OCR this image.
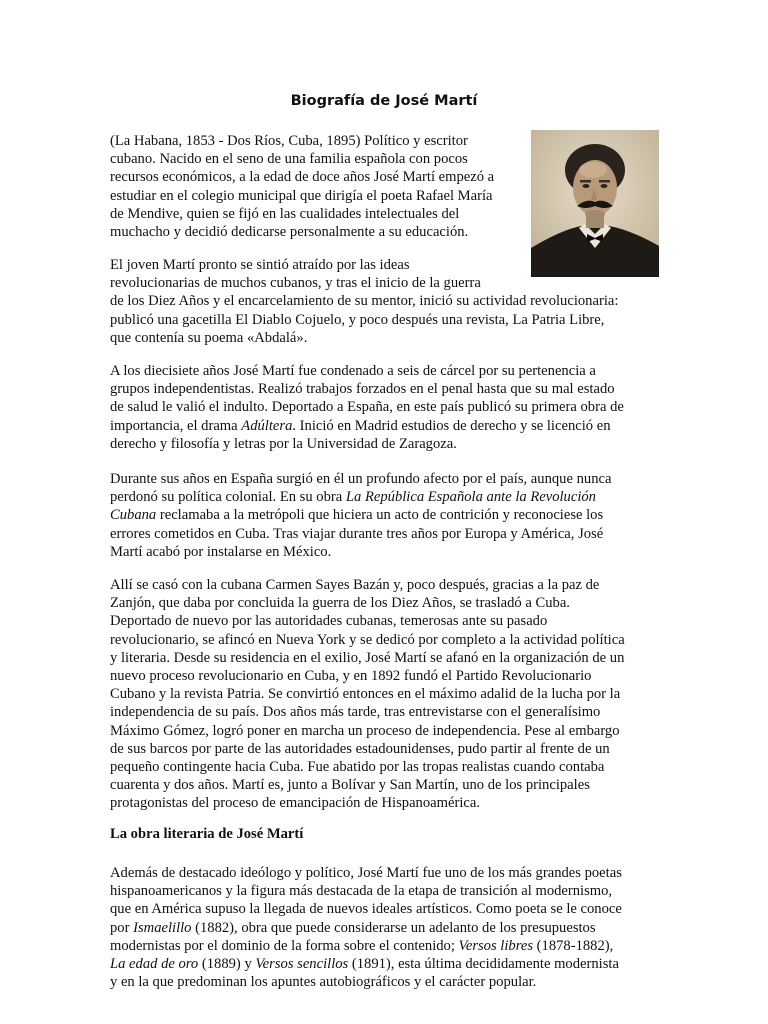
Biografía de José Martí
(La Habana, 1853 - Dos Ríos, Cuba, 1895) Político y escritor
cubano. Nacido en el seno de una familia española con pocos
recursos económicos, a la edad de doce años José Martí empezó a
estudiar en el colegio municipal que dirigía el poeta Rafael María
de Mendive, quien se fijó en las cualidades intelectuales del
muchacho y decidió dedicarse personalmente a su educación.
El joven Martí pronto se sintió atraído por las ideas
revolucionarias de muchos cubanos, y tras el inicio de la guerra
de los Diez Años y el encarcelamiento de su mentor, inició su actividad revolucionaria:
publicó una gacetilla El Diablo Cojuelo, y poco después una revista, La Patria Libre,
que contenía su poema «Abdalá».
A los diecisiete años José Martí fue condenado a seis de cárcel por su pertenencia a
grupos independentistas. Realizó trabajos forzados en el penal hasta que su mal estado
de salud le valió el indulto. Deportado a España, en este país publicó su primera obra de
importancia, el drama Adúltera. Inició en Madrid estudios de derecho y se licenció en
derecho y filosofía y letras por la Universidad de Zaragoza.
Durante sus años en España surgió en él un profundo afecto por el país, aunque nunca
perdonó su política colonial. En su obra La República Española ante la Revolución
Cubana reclamaba a la metrópoli que hiciera un acto de contrición y reconociese los
errores cometidos en Cuba. Tras viajar durante tres años por Europa y América, José
Martí acabó por instalarse en México.
Allí se casó con la cubana Carmen Sayes Bazán y, poco después, gracias a la paz de
Zanjón, que daba por concluida la guerra de los Diez Años, se trasladó a Cuba.
Deportado de nuevo por las autoridades cubanas, temerosas ante su pasado
revolucionario, se afincó en Nueva York y se dedicó por completo a la actividad política
y literaria. Desde su residencia en el exilio, José Martí se afanó en la organización de un
nuevo proceso revolucionario en Cuba, y en 1892 fundó el Partido Revolucionario
Cubano y la revista Patria. Se convirtió entonces en el máximo adalid de la lucha por la
independencia de su país. Dos años más tarde, tras entrevistarse con el generalísimo
Máximo Gómez, logró poner en marcha un proceso de independencia. Pese al embargo
de sus barcos por parte de las autoridades estadounidenses, pudo partir al frente de un
pequeño contingente hacia Cuba. Fue abatido por las tropas realistas cuando contaba
cuarenta y dos años. Martí es, junto a Bolívar y San Martín, uno de los principales
protagonistas del proceso de emancipación de Hispanoamérica.
La obra literaria de José Martí
Además de destacado ideólogo y político, José Martí fue uno de los más grandes poetas
hispanoamericanos y la figura más destacada de la etapa de transición al modernismo,
que en América supuso la llegada de nuevos ideales artísticos. Como poeta se le conoce
por Ismaelillo (1882), obra que puede considerarse un adelanto de los presupuestos
modernistas por el dominio de la forma sobre el contenido; Versos libres (1878-1882),
La edad de oro (1889) y Versos sencillos (1891), esta última decididamente modernista
y en la que predominan los apuntes autobiográficos y el carácter popular.
